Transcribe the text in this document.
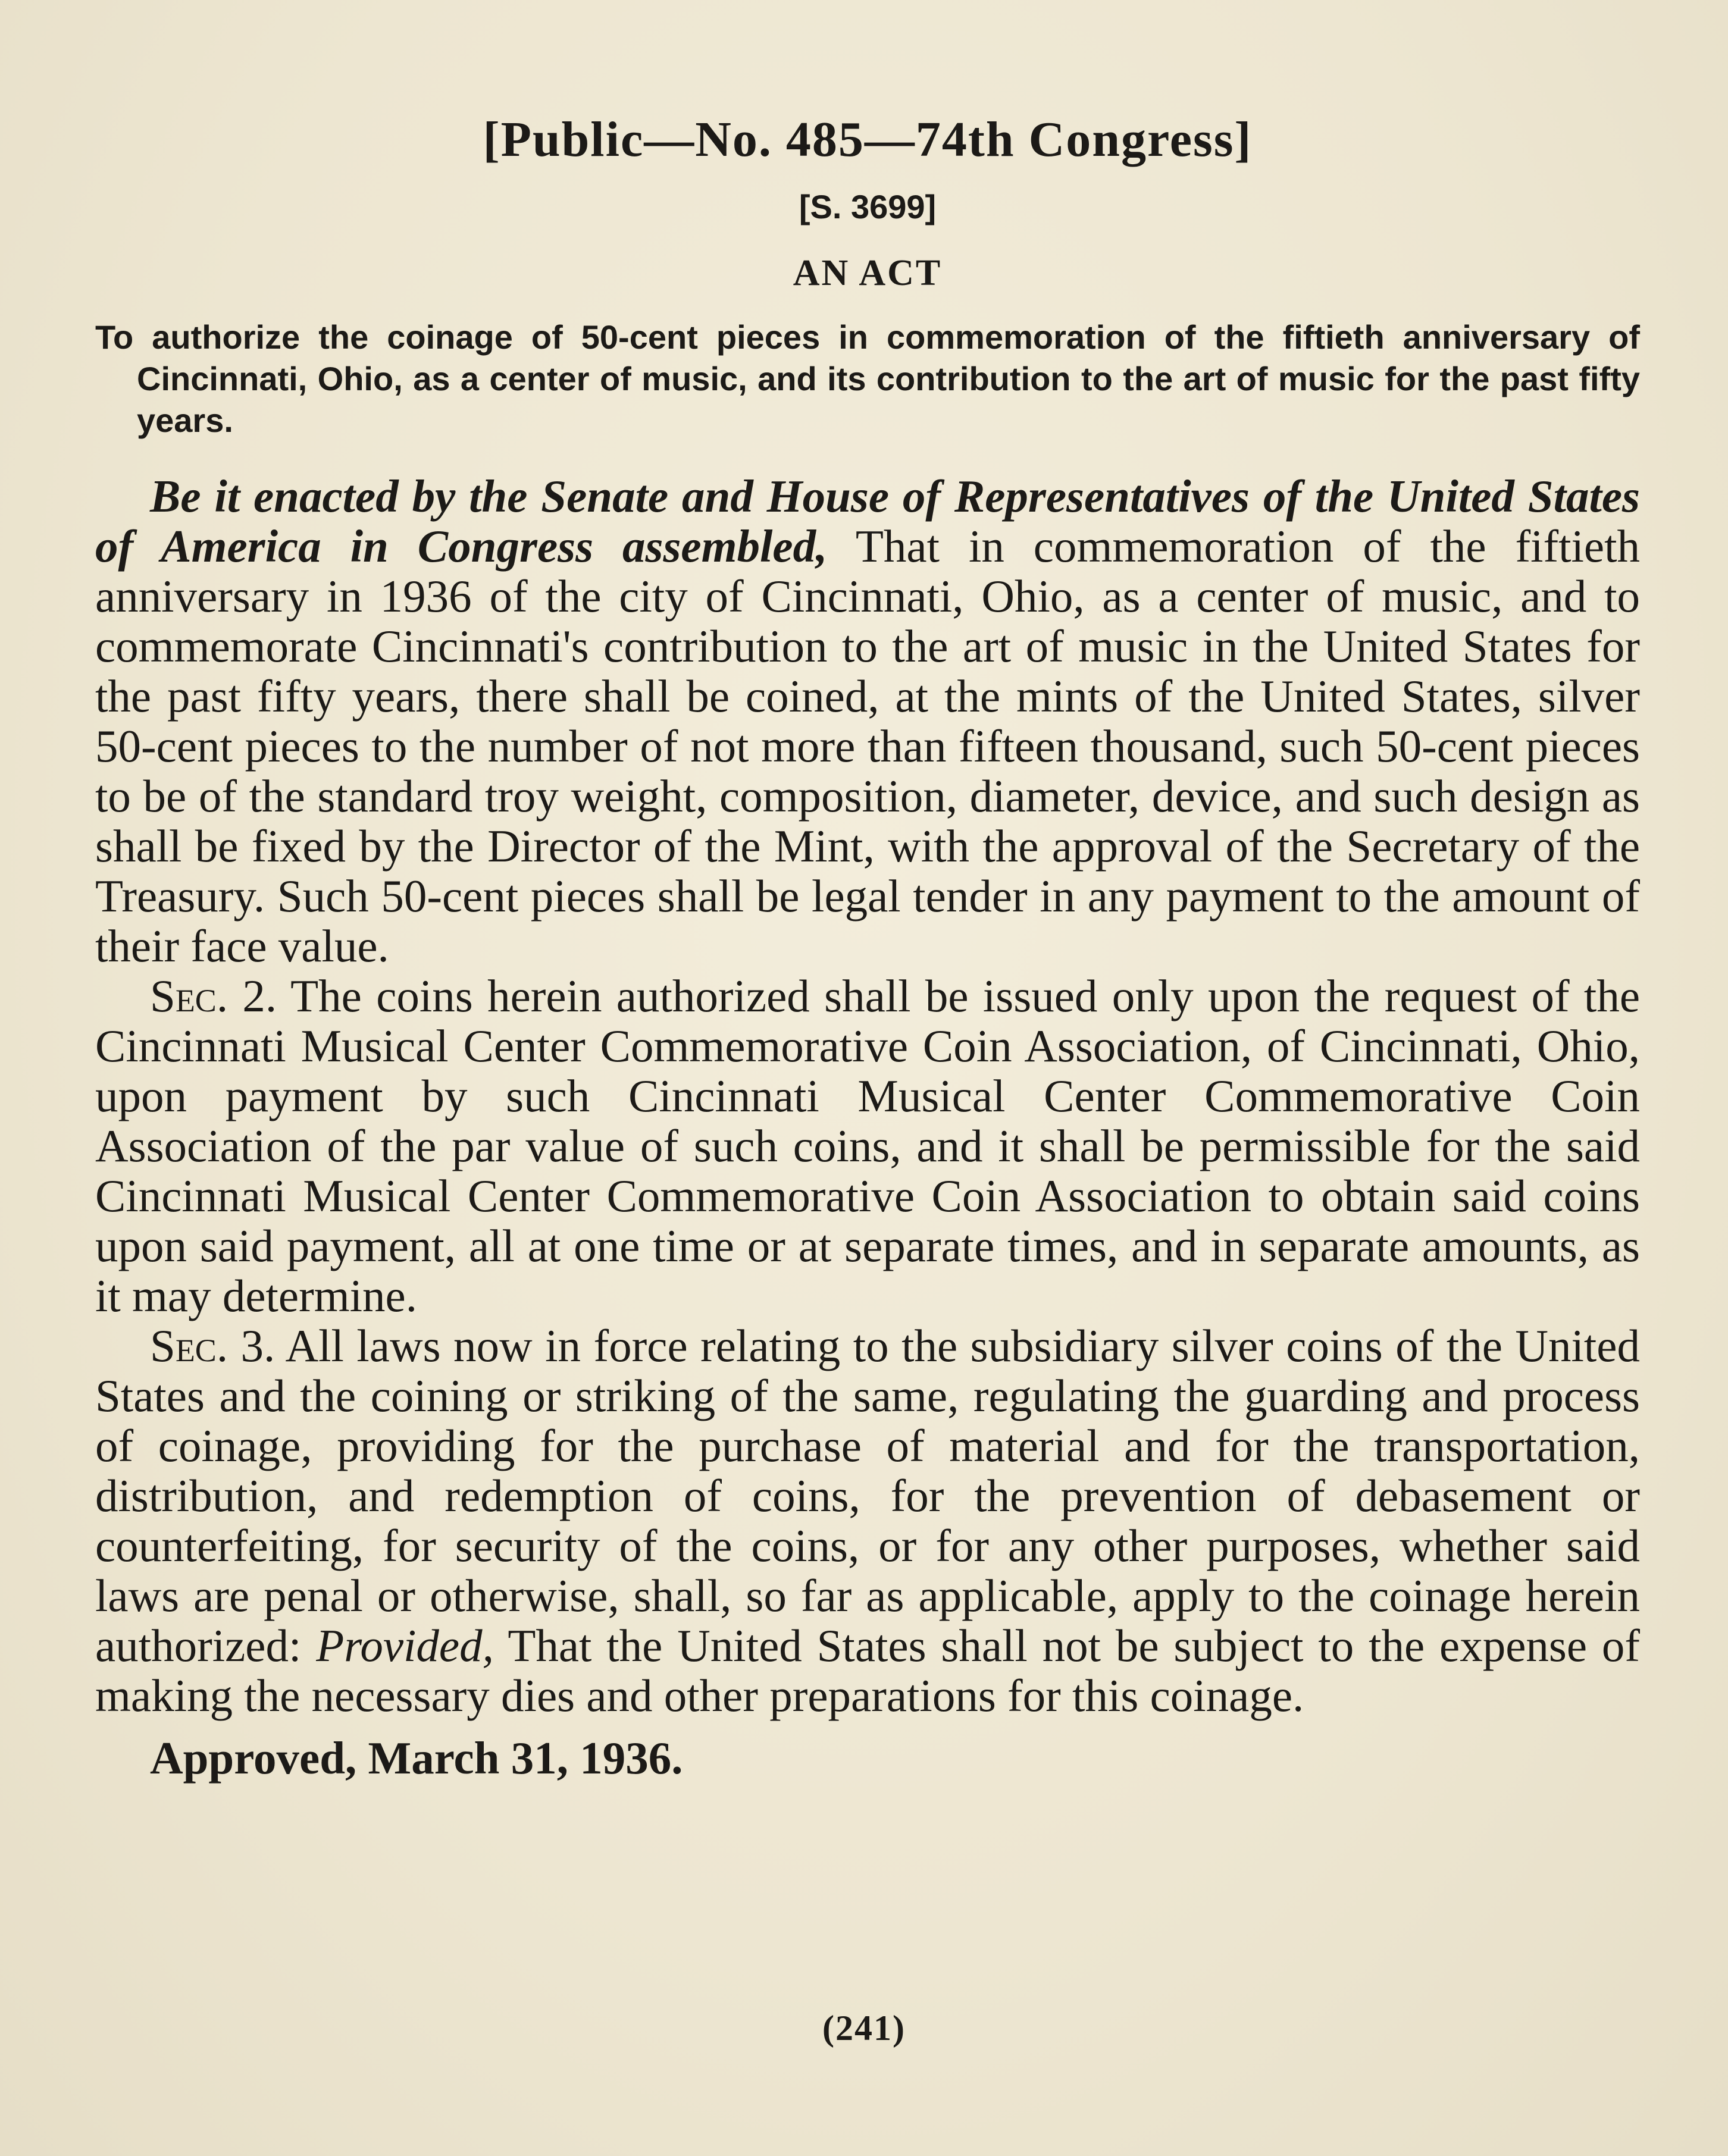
[Public—No. 485—74th Congress]
[S. 3699]
AN ACT
To authorize the coinage of 50-cent pieces in commemoration of the fiftieth anniversary of Cincinnati, Ohio, as a center of music, and its contribution to the art of music for the past fifty years.

Be it enacted by the Senate and House of Representatives of the United States of America in Congress assembled, That in commemoration of the fiftieth anniversary in 1936 of the city of Cincinnati, Ohio, as a center of music, and to commemorate Cincinnati's contribution to the art of music in the United States for the past fifty years, there shall be coined, at the mints of the United States, silver 50-cent pieces to the number of not more than fifteen thousand, such 50-cent pieces to be of the standard troy weight, composition, diameter, device, and such design as shall be fixed by the Director of the Mint, with the approval of the Secretary of the Treasury. Such 50-cent pieces shall be legal tender in any payment to the amount of their face value.

Sec. 2. The coins herein authorized shall be issued only upon the request of the Cincinnati Musical Center Commemorative Coin Association, of Cincinnati, Ohio, upon payment by such Cincinnati Musical Center Commemorative Coin Association of the par value of such coins, and it shall be permissible for the said Cincinnati Musical Center Commemorative Coin Association to obtain said coins upon said payment, all at one time or at separate times, and in separate amounts, as it may determine.

Sec. 3. All laws now in force relating to the subsidiary silver coins of the United States and the coining or striking of the same, regulating the guarding and process of coinage, providing for the purchase of material and for the transportation, distribution, and redemption of coins, for the prevention of debasement or counterfeiting, for security of the coins, or for any other purposes, whether said laws are penal or otherwise, shall, so far as applicable, apply to the coinage herein authorized: Provided, That the United States shall not be subject to the expense of making the necessary dies and other preparations for this coinage.

Approved, March 31, 1936.
(241)
